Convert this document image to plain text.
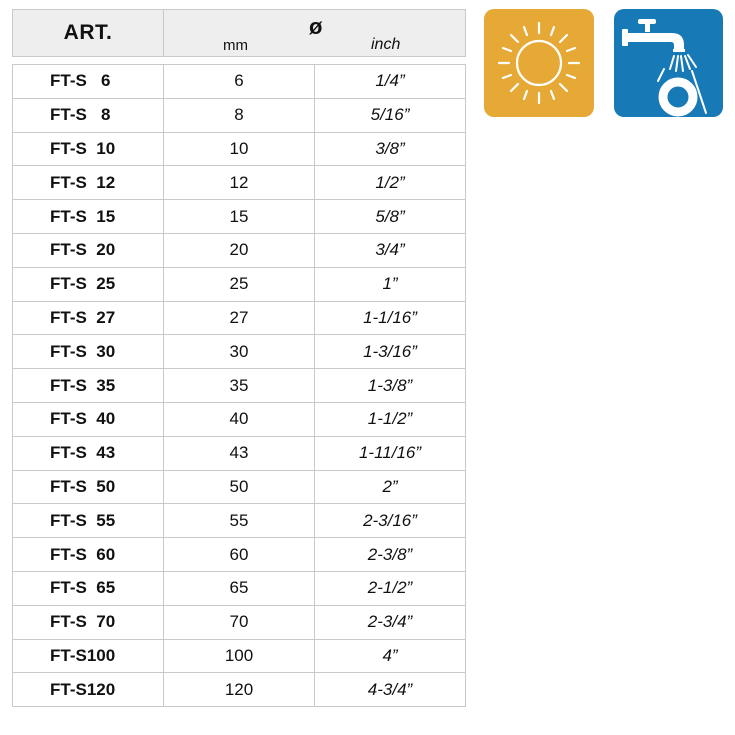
ART.	ø
mm	inch
FT-S   6	6	1/4”
FT-S   8	8	5/16”
FT-S  10	10	3/8”
FT-S  12	12	1/2”
FT-S  15	15	5/8”
FT-S  20	20	3/4”
FT-S  25	25	1”
FT-S  27	27	1-1/16”
FT-S  30	30	1-3/16”
FT-S  35	35	1-3/8”
FT-S  40	40	1-1/2”
FT-S  43	43	1-11/16”
FT-S  50	50	2”
FT-S  55	55	2-3/16”
FT-S  60	60	2-3/8”
FT-S  65	65	2-1/2”
FT-S  70	70	2-3/4”
FT-S100	100	4”
FT-S120	120	4-3/4”
